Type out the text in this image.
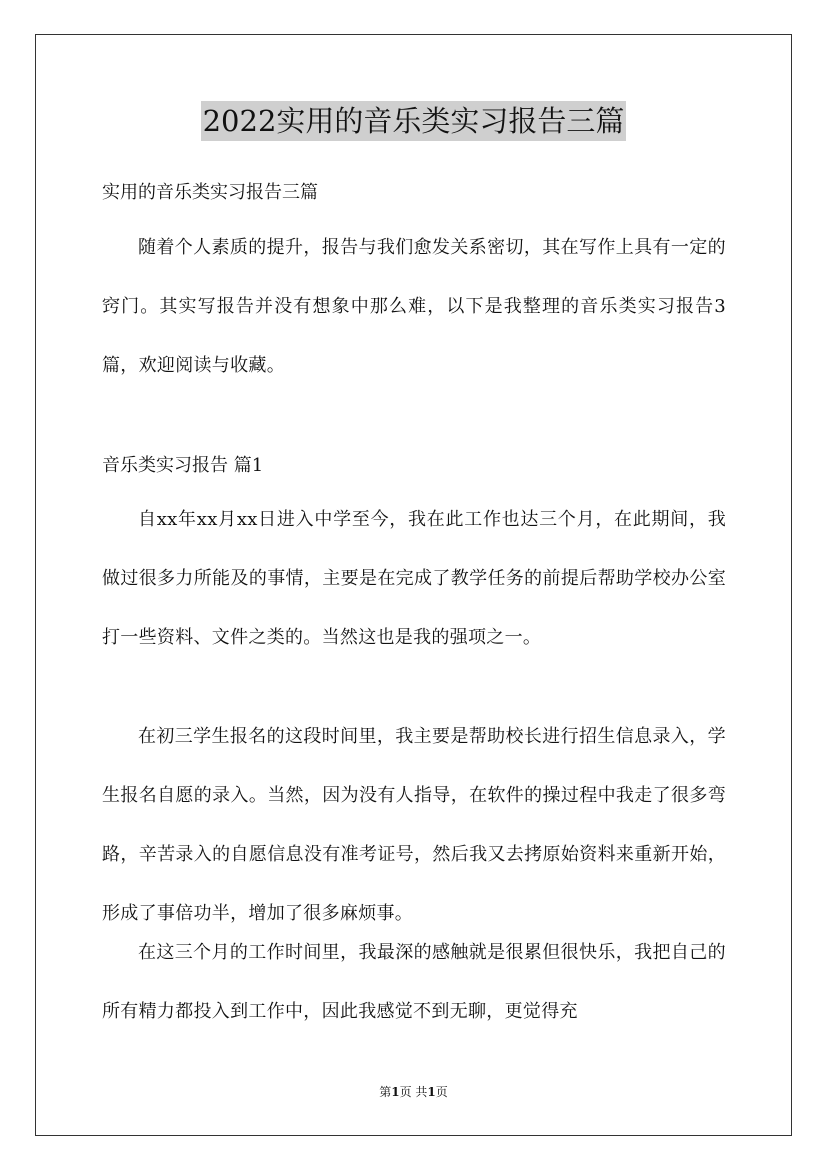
2022实用的音乐类实习报告三篇
实用的音乐类实习报告三篇
随着个人素质的提升，报告与我们愈发关系密切，其在写作上具有一定的窍门。其实写报告并没有想象中那么难，以下是我整理的音乐类实习报告3篇，欢迎阅读与收藏。
音乐类实习报告 篇1
自xx年xx月xx日进入中学至今，我在此工作也达三个月，在此期间，我做过很多力所能及的事情，主要是在完成了教学任务的前提后帮助学校办公室打一些资料、文件之类的。当然这也是我的强项之一。
在初三学生报名的这段时间里，我主要是帮助校长进行招生信息录入，学生报名自愿的录入。当然，因为没有人指导，在软件的操过程中我走了很多弯路，辛苦录入的自愿信息没有准考证号，然后我又去拷原始资料来重新开始，形成了事倍功半，增加了很多麻烦事。
在这三个月的工作时间里，我最深的感触就是很累但很快乐，我把自己的所有精力都投入到工作中，因此我感觉不到无聊，更觉得充
第1页 共1页
